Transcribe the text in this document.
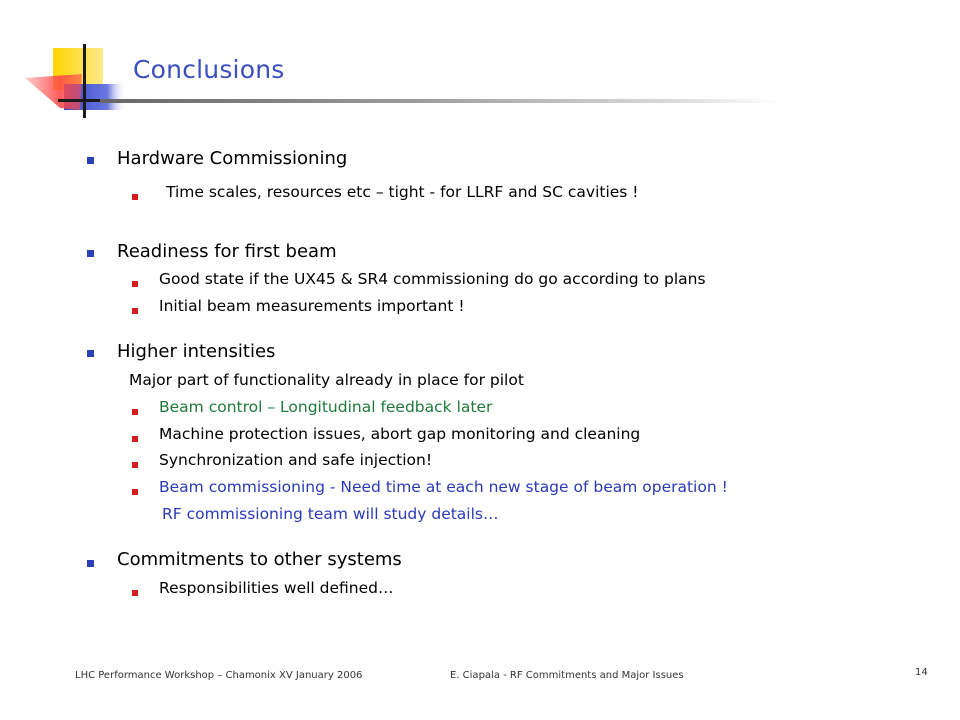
Conclusions
Hardware Commissioning
Time scales, resources etc – tight - for LLRF and SC cavities !
Readiness for first beam
Good state if the UX45 & SR4 commissioning do go according to plans
Initial beam measurements important !
Higher intensities
Major part of functionality already in place for pilot
Beam control – Longitudinal feedback later
Machine protection issues, abort gap monitoring and cleaning
Synchronization and safe injection!
Beam commissioning - Need time at each new stage of beam operation !
RF commissioning team will study details…
Commitments to other systems
Responsibilities well defined…
LHC Performance Workshop – Chamonix XV January 2006	E. Ciapala - RF Commitments and Major Issues	14
